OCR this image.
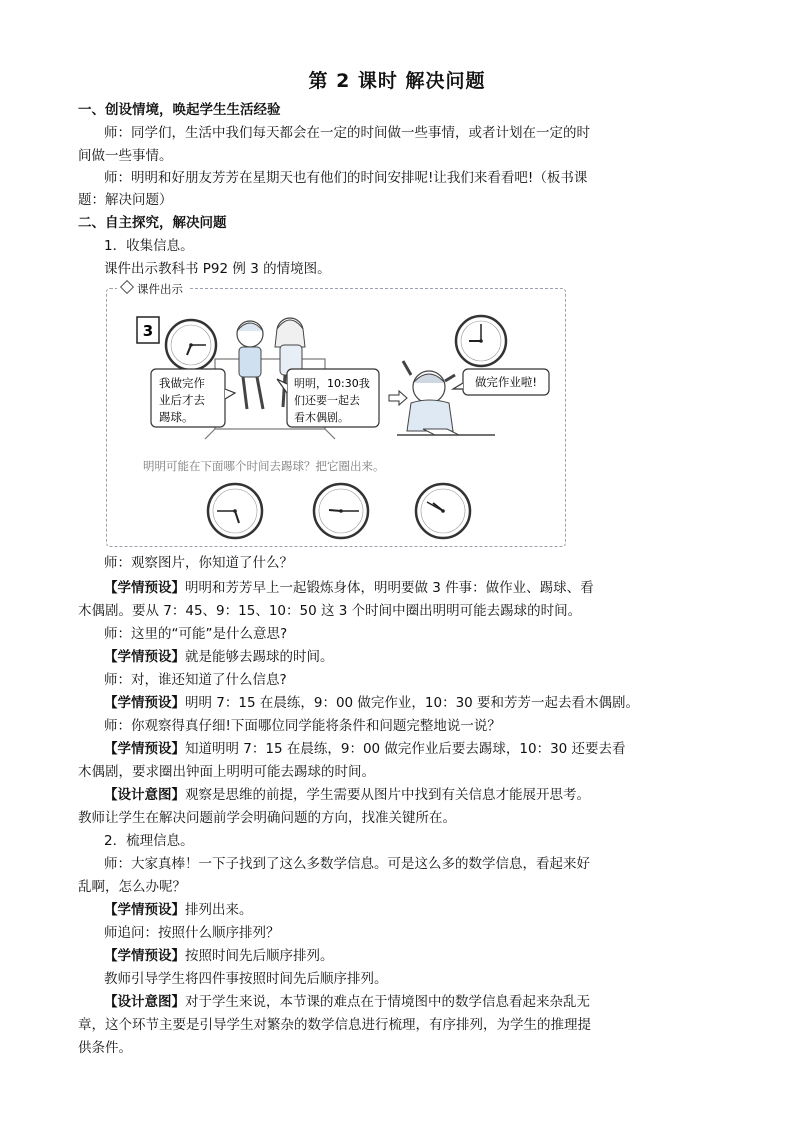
第 2 课时 解决问题
一、创设情境，唤起学生生活经验
师：同学们，生活中我们每天都会在一定的时间做一些事情，或者计划在一定的时
间做一些事情。
师：明明和好朋友芳芳在星期天也有他们的时间安排呢!让我们来看看吧!（板书课
题：解决问题）
二、自主探究，解决问题
1．收集信息。
课件出示教科书 P92 例 3 的情境图。
课件出示
3
我做完作
业后才去
踢球。
明明，10:30我
们还要一起去
看木偶剧。
做完作业啦!
明明可能在下面哪个时间去踢球？把它圈出来。
师：观察图片，你知道了什么？
【学情预设】明明和芳芳早上一起锻炼身体，明明要做 3 件事：做作业、踢球、看
木偶剧。要从 7：45、9：15、10：50 这 3 个时间中圈出明明可能去踢球的时间。
师：这里的“可能”是什么意思?
【学情预设】就是能够去踢球的时间。
师：对，谁还知道了什么信息?
【学情预设】明明 7：15 在晨练，9：00 做完作业，10：30 要和芳芳一起去看木偶剧。
师：你观察得真仔细!下面哪位同学能将条件和问题完整地说一说？
【学情预设】知道明明 7：15 在晨练，9：00 做完作业后要去踢球，10：30 还要去看
木偶剧，要求圈出钟面上明明可能去踢球的时间。
【设计意图】观察是思维的前提，学生需要从图片中找到有关信息才能展开思考。
教师让学生在解决问题前学会明确问题的方向，找准关键所在。
2．梳理信息。
师：大家真棒！一下子找到了这么多数学信息。可是这么多的数学信息，看起来好
乱啊，怎么办呢？
【学情预设】排列出来。
师追问：按照什么顺序排列？
【学情预设】按照时间先后顺序排列。
教师引导学生将四件事按照时间先后顺序排列。
【设计意图】对于学生来说，本节课的难点在于情境图中的数学信息看起来杂乱无
章，这个环节主要是引导学生对繁杂的数学信息进行梳理，有序排列，为学生的推理提
供条件。
